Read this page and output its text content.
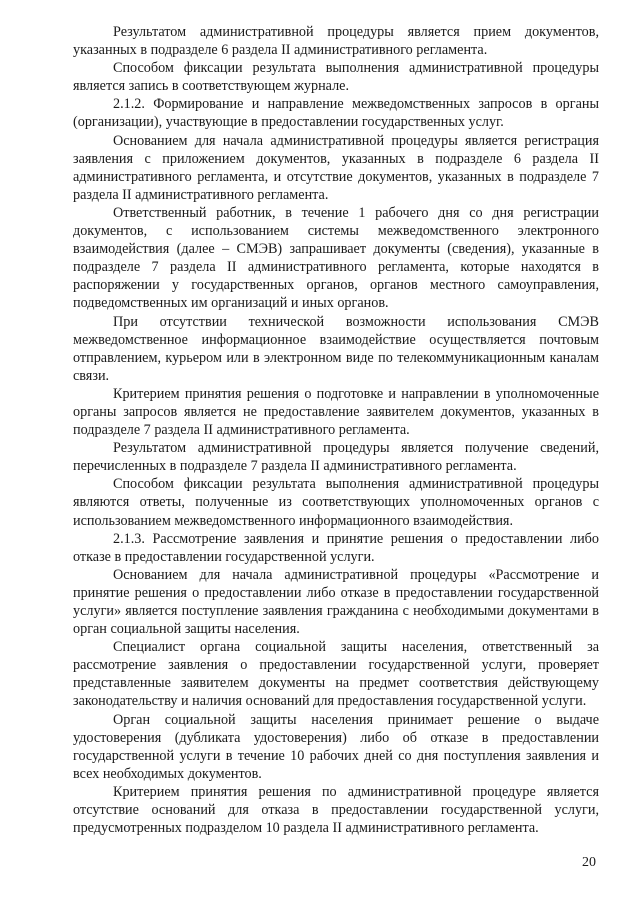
Результатом административной процедуры является прием документов, указанных в подразделе 6 раздела II административного регламента.

Способом фиксации результата выполнения административной процедуры является запись в соответствующем журнале.

2.1.2. Формирование и направление межведомственных запросов в органы (организации), участвующие в предоставлении государственных услуг.

Основанием для начала административной процедуры является регистрация заявления с приложением документов, указанных в подразделе 6 раздела II административного регламента, и отсутствие документов, указанных в подразделе 7 раздела II административного регламента.

Ответственный работник, в течение 1 рабочего дня со дня регистрации документов, с использованием системы межведомственного электронного взаимодействия (далее – СМЭВ) запрашивает документы (сведения), указанные в подразделе 7 раздела II административного регламента, которые находятся в распоряжении у государственных органов, органов местного самоуправления, подведомственных им организаций и иных органов.

При отсутствии технической возможности использования СМЭВ межведомственное информационное взаимодействие осуществляется почтовым отправлением, курьером или в электронном виде по телекоммуникационным каналам связи.

Критерием принятия решения о подготовке и направлении в уполномоченные органы запросов является не предоставление заявителем документов, указанных в подразделе 7 раздела II административного регламента.

Результатом административной процедуры является получение сведений, перечисленных в подразделе 7 раздела II административного регламента.

Способом фиксации результата выполнения административной процедуры являются ответы, полученные из соответствующих уполномоченных органов с использованием межведомственного информационного взаимодействия.

2.1.3. Рассмотрение заявления и принятие решения о предоставлении либо отказе в предоставлении государственной услуги.

Основанием для начала административной процедуры «Рассмотрение и принятие решения о предоставлении либо отказе в предоставлении государственной услуги» является поступление заявления гражданина с необходимыми документами в орган социальной защиты населения.

Специалист органа социальной защиты населения, ответственный за рассмотрение заявления о предоставлении государственной услуги, проверяет представленные заявителем документы на предмет соответствия действующему законодательству и наличия оснований для предоставления государственной услуги.

Орган социальной защиты населения принимает решение о выдаче удостоверения (дубликата удостоверения) либо об отказе в предоставлении государственной услуги в течение 10 рабочих дней со дня поступления заявления и всех необходимых документов.

Критерием принятия решения по административной процедуре является отсутствие оснований для отказа в предоставлении государственной услуги, предусмотренных подразделом 10 раздела II административного регламента.

20
